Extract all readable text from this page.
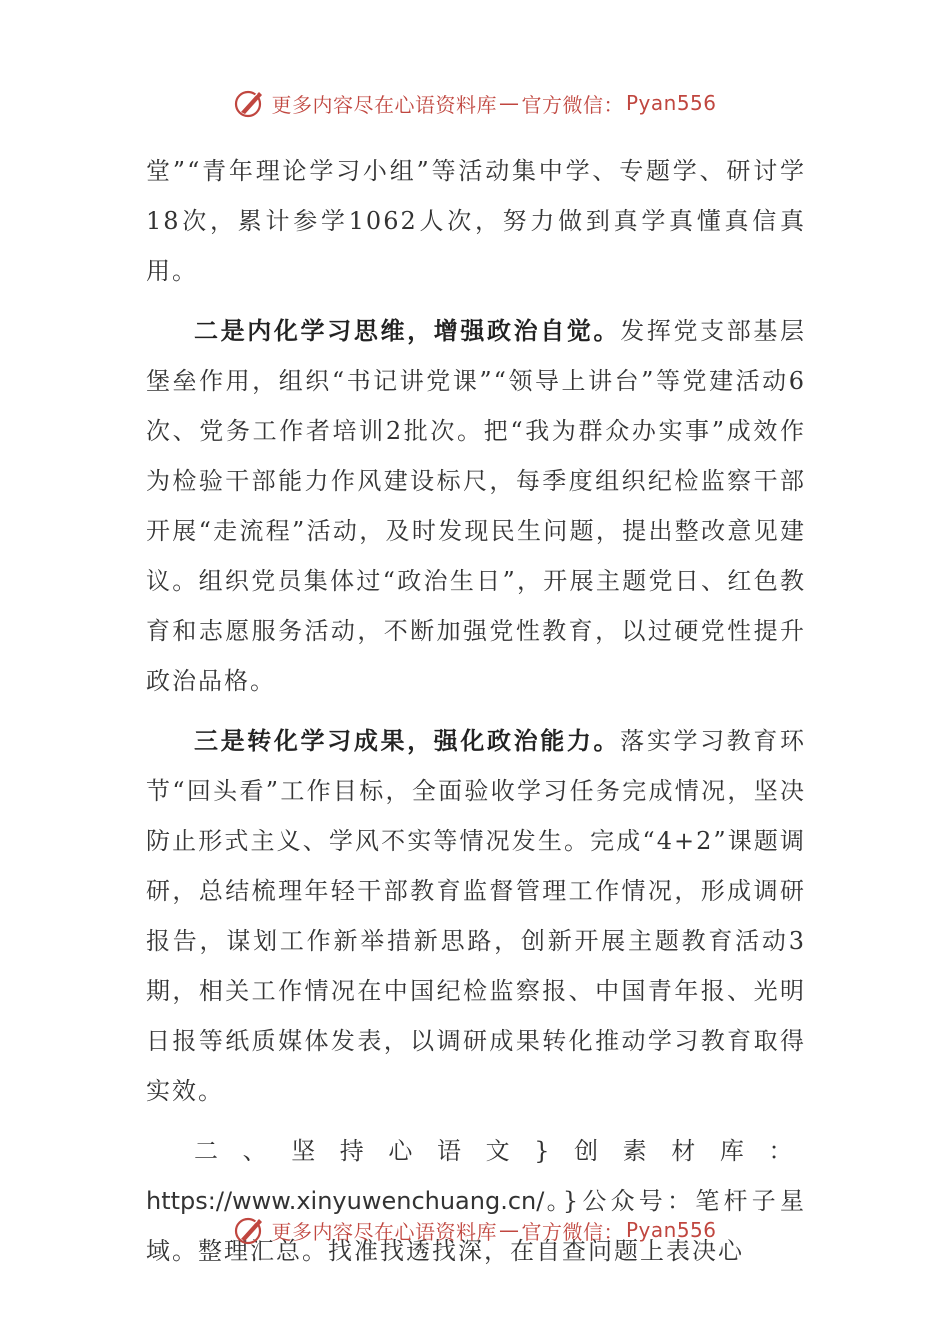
更多内容尽在心语资料库 — 官方微信： Pyan556

堂”“青年理论学习小组”等活动集中学、专题学、研讨学18次，累计参学1062人次，努力做到真学真懂真信真用。

二是内化学习思维，增强政治自觉。发挥党支部基层堡垒作用，组织“书记讲党课”“领导上讲台”等党建活动6次、党务工作者培训2批次。把“我为群众办实事”成效作为检验干部能力作风建设标尺，每季度组织纪检监察干部开展“走流程”活动，及时发现民生问题，提出整改意见建议。组织党员集体过“政治生日”，开展主题党日、红色教育和志愿服务活动，不断加强党性教育，以过硬党性提升政治品格。

三是转化学习成果，强化政治能力。落实学习教育环节“回头看”工作目标，全面验收学习任务完成情况，坚决防止形式主义、学风不实等情况发生。完成“4+2”课题调研，总结梳理年轻干部教育监督管理工作情况，形成调研报告，谋划工作新举措新思路，创新开展主题教育活动3期，相关工作情况在中国纪检监察报、中国青年报、光明日报等纸质媒体发表，以调研成果转化推动学习教育取得实效。

二、坚持心语文}创素材库：https://www.xinyuwenchuang.cn/。}公众号：笔杆子星域。整理汇总。找准找透找深，在自查问题上表决心

更多内容尽在心语资料库 — 官方微信： Pyan556
